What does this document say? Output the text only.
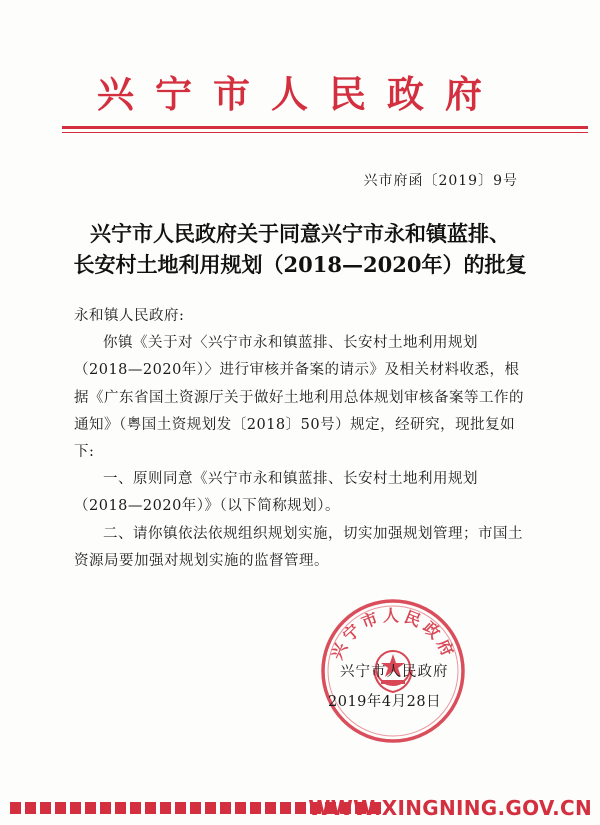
兴宁市人民政府
兴市府函〔2019〕9号
兴宁市人民政府关于同意兴宁市永和镇蓝排、
长安村土地利用规划（2018—2020年）的批复

永和镇人民政府:

你镇《关于对〈兴宁市永和镇蓝排、长安村土地利用规划（2018—2020年）〉进行审核并备案的请示》及相关材料收悉，根据《广东省国土资源厅关于做好土地利用总体规划审核备案等工作的通知》（粤国土资规划发〔2018〕50号）规定，经研究，现批复如下:

一、原则同意《兴宁市永和镇蓝排、长安村土地利用规划（2018—2020年）》（以下简称规划）。

二、请你镇依法依规组织规划实施，切实加强规划管理；市国土资源局要加强对规划实施的监督管理。

兴宁市人民政府
兴宁市人民政府
2019年4月28日
WWW.XINGNING.GOV.CN
